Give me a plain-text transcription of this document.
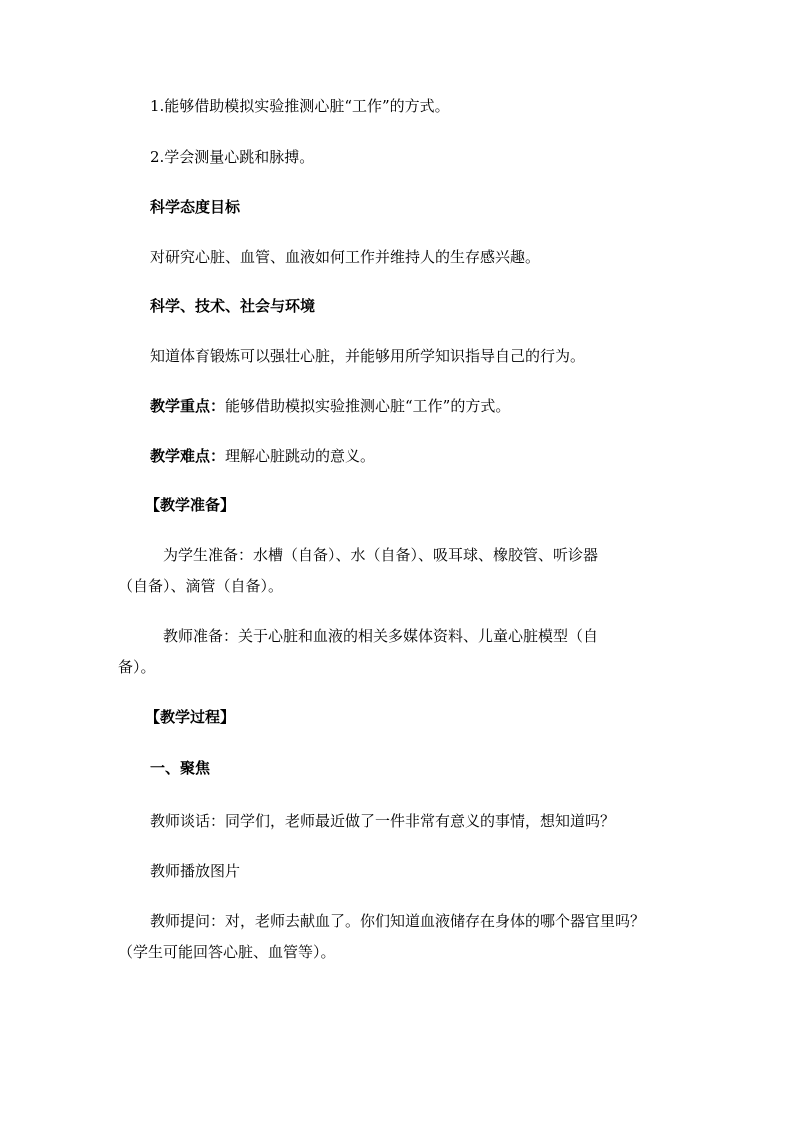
1.能够借助模拟实验推测心脏“工作”的方式。

2.学会测量心跳和脉搏。

科学态度目标

对研究心脏、血管、血液如何工作并维持人的生存感兴趣。

科学、技术、社会与环境

知道体育锻炼可以强壮心脏，并能够用所学知识指导自己的行为。

教学重点：能够借助模拟实验推测心脏“工作”的方式。

教学难点：理解心脏跳动的意义。

【教学准备】

为学生准备：水槽（自备）、水（自备）、吸耳球、橡胶管、听诊器

（自备）、滴管（自备）。

教师准备：关于心脏和血液的相关多媒体资料、儿童心脏模型（自

备）。

【教学过程】

一、聚焦

教师谈话：同学们，老师最近做了一件非常有意义的事情，想知道吗？

教师播放图片

教师提问：对，老师去献血了。你们知道血液储存在身体的哪个器官里吗？

（学生可能回答心脏、血管等）。
